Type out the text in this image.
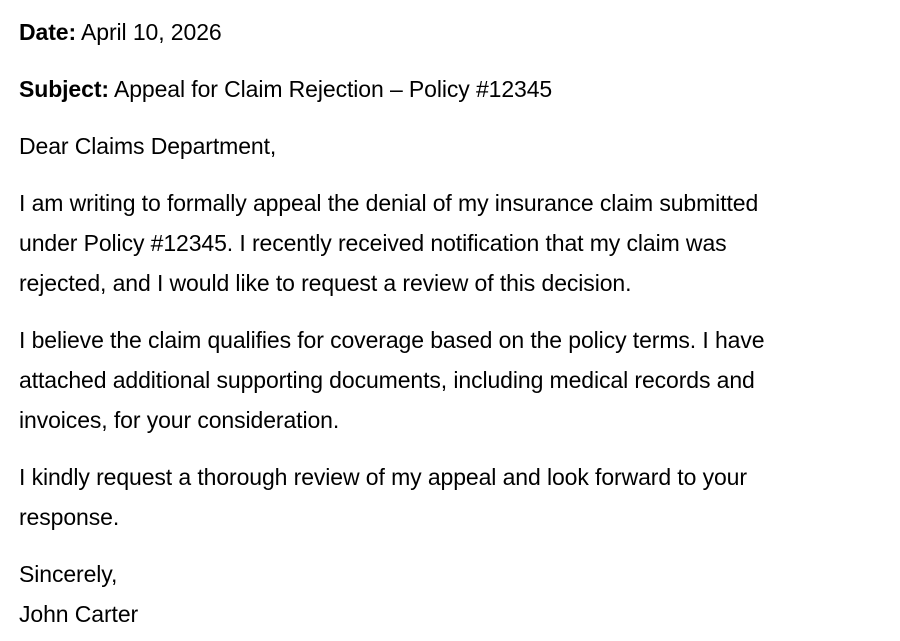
Date: April 10, 2026
Subject: Appeal for Claim Rejection – Policy #12345
Dear Claims Department,

I am writing to formally appeal the denial of my insurance claim submitted

under Policy #12345. I recently received notification that my claim was

rejected, and I would like to request a review of this decision.

I believe the claim qualifies for coverage based on the policy terms. I have

attached additional supporting documents, including medical records and

invoices, for your consideration.

I kindly request a thorough review of my appeal and look forward to your

response.

Sincerely,

John Carter
